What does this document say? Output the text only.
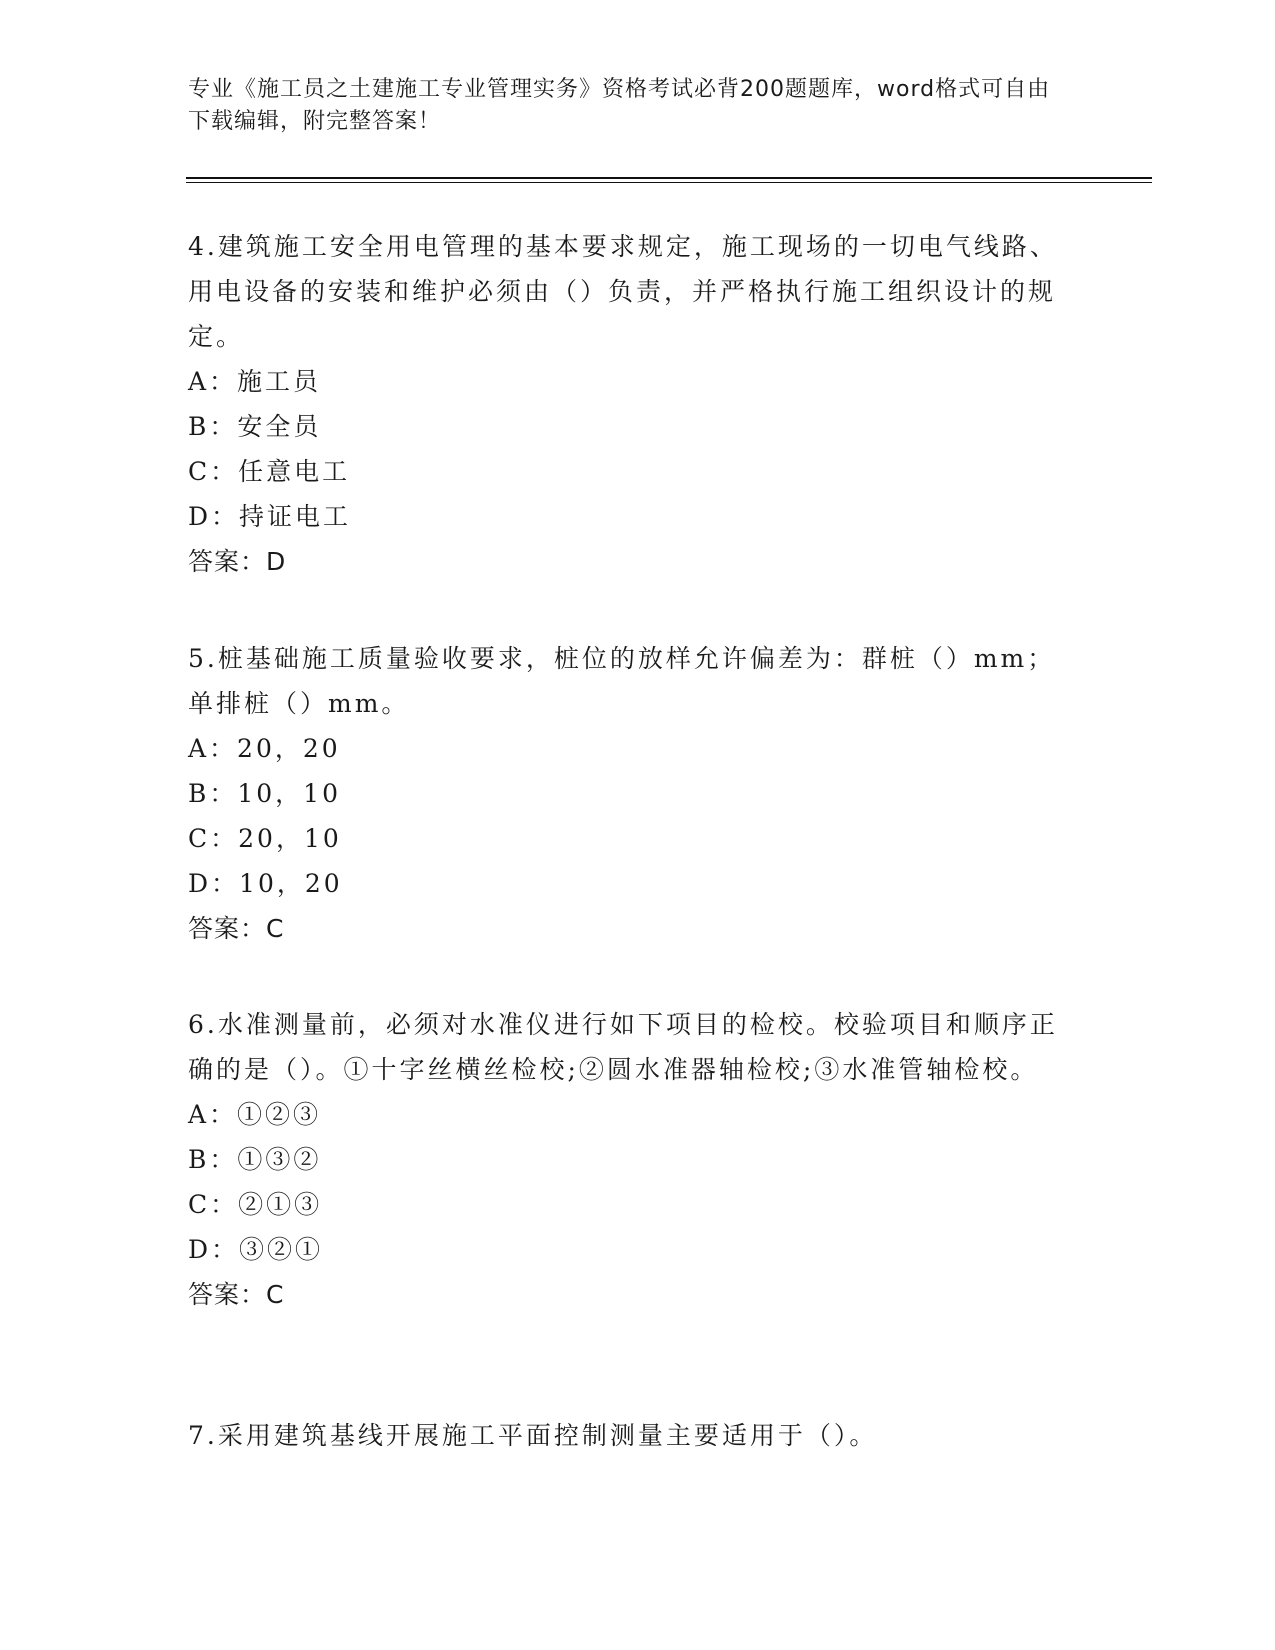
专业《施工员之土建施工专业管理实务》资格考试必背200题题库，word格式可自由下载编辑，附完整答案！
4.建筑施工安全用电管理的基本要求规定，施工现场的一切电气线路、用电设备的安装和维护必须由（）负责，并严格执行施工组织设计的规定。
A：施工员
B：安全员
C：任意电工
D：持证电工
答案：D
5.桩基础施工质量验收要求，桩位的放样允许偏差为：群桩（）mm；单排桩（）mm。
A：20，20
B：10，10
C：20，10
D：10，20
答案：C
6.水准测量前，必须对水准仪进行如下项目的检校。校验项目和顺序正确的是（）。①十字丝横丝检校;②圆水准器轴检校;③水准管轴检校。
A：①②③
B：①③②
C：②①③
D：③②①
答案：C
7.采用建筑基线开展施工平面控制测量主要适用于（）。
